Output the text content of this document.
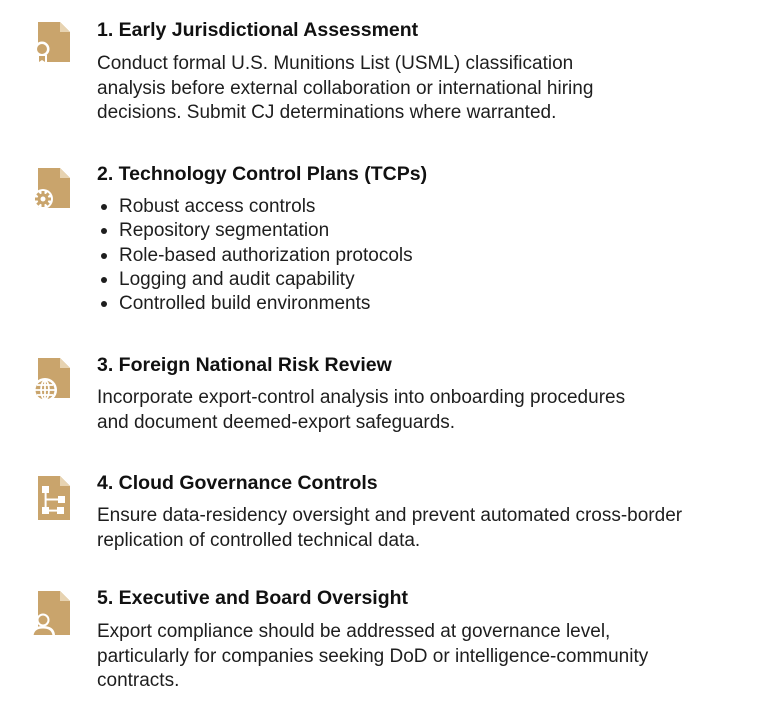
1. Early Jurisdictional Assessment

Conduct formal U.S. Munitions List (USML) classification
analysis before external collaboration or international hiring
decisions. Submit CJ determinations where warranted.

2. Technology Control Plans (TCPs)
Robust access controls
Repository segmentation
Role-based authorization protocols
Logging and audit capability
Controlled build environments
3. Foreign National Risk Review

Incorporate export-control analysis into onboarding procedures
and document deemed-export safeguards.

4. Cloud Governance Controls

Ensure data-residency oversight and prevent automated cross-border
replication of controlled technical data.

5. Executive and Board Oversight

Export compliance should be addressed at governance level,
particularly for companies seeking DoD or intelligence-community
contracts.
